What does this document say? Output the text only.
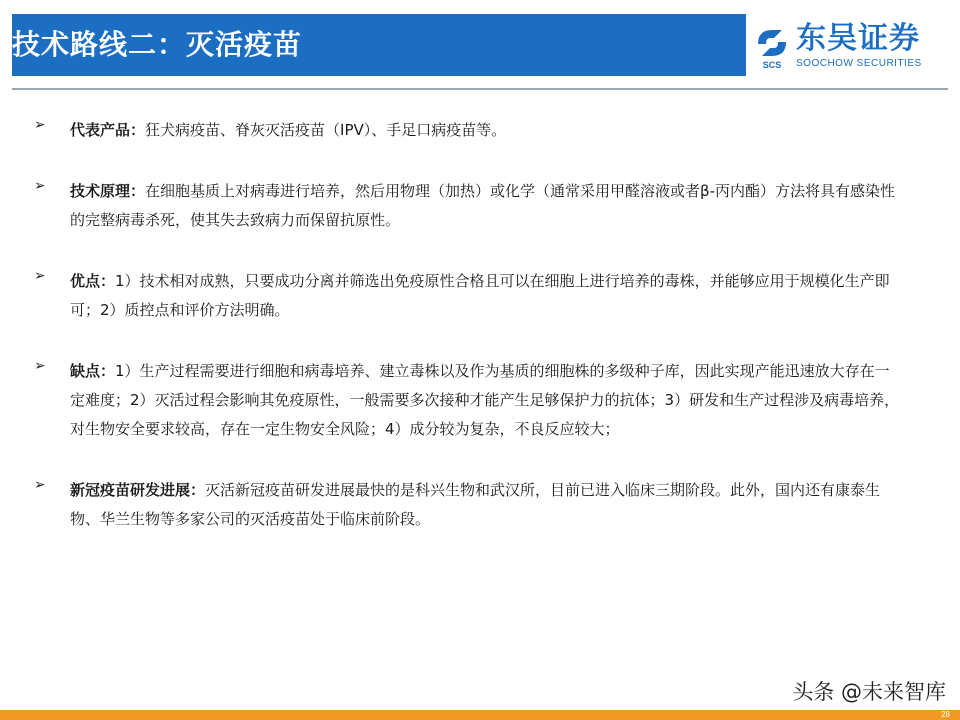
技术路线二：灭活疫苗
SCS
东吴证券
SOOCHOW SECURITIES
➢ 代表产品：狂犬病疫苗、脊灰灭活疫苗（IPV）、手足口病疫苗等。
➢ 技术原理：在细胞基质上对病毒进行培养，然后用物理（加热）或化学（通常采用甲醛溶液或者β-丙内酯）方法将具有感染性的完整病毒杀死，使其失去致病力而保留抗原性。
➢ 优点：1）技术相对成熟，只要成功分离并筛选出免疫原性合格且可以在细胞上进行培养的毒株，并能够应用于规模化生产即可；2）质控点和评价方法明确。
➢ 缺点：1）生产过程需要进行细胞和病毒培养、建立毒株以及作为基质的细胞株的多级种子库，因此实现产能迅速放大存在一定难度；2）灭活过程会影响其免疫原性，一般需要多次接种才能产生足够保护力的抗体；3）研发和生产过程涉及病毒培养，对生物安全要求较高，存在一定生物安全风险；4）成分较为复杂，不良反应较大；
➢ 新冠疫苗研发进展：灭活新冠疫苗研发进展最快的是科兴生物和武汉所，目前已进入临床三期阶段。此外，国内还有康泰生物、华兰生物等多家公司的灭活疫苗处于临床前阶段。
头条 @未来智库
28
